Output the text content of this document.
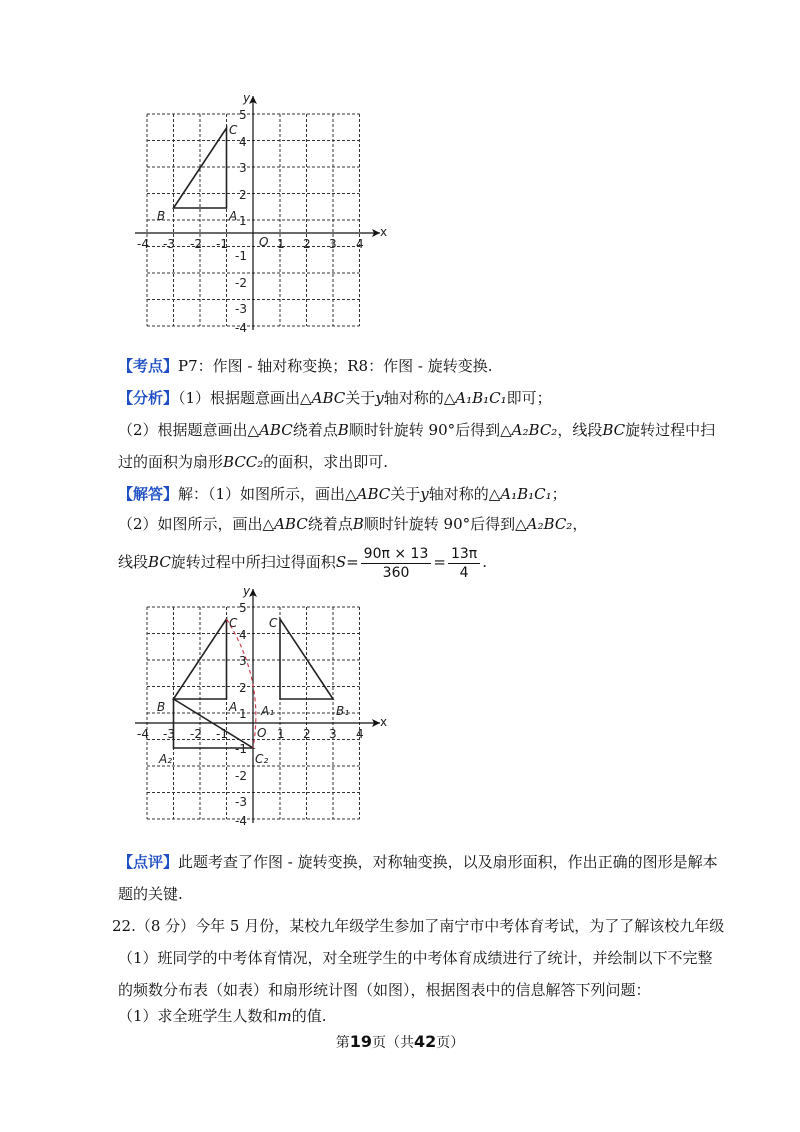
x
y
O
-4 -3 -2 -1	1 2 3 4
5
4
3
2
1
-1
-2
-3
-4
C
B	A
【考点】P7：作图 - 轴对称变换；R8：作图 - 旋转变换.
【分析】（1）根据题意画出△ABC关于y轴对称的△A₁B₁C₁即可；
（2）根据题意画出△ABC绕着点B顺时针旋转 90°后得到△A₂BC₂，线段BC旋转过程中扫
过的面积为扇形BCC₂的面积，求出即可.
【解答】解：（1）如图所示，画出△ABC关于y轴对称的△A₁B₁C₁；
（2）如图所示，画出△ABC绕着点B顺时针旋转 90°后得到△A₂BC₂，
线段BC旋转过程中所扫过得面积$S= \frac{90\pi \times 13}{360} = \frac{13\pi}{4}$ .
x
y
O
-4 -3 -2 -1	1 2 3 4
5
4
3
2
1
-1
-2
-3
-4
C	C
B	A A₁	B₁
A₂	C₂
【点评】此题考查了作图 - 旋转变换，对称轴变换，以及扇形面积，作出正确的图形是解本
题的关键.
22.（8 分）今年 5 月份，某校九年级学生参加了南宁市中考体育考试，为了了解该校九年级
（1）班同学的中考体育情况，对全班学生的中考体育成绩进行了统计，并绘制以下不完整
的频数分布表（如表）和扇形统计图（如图），根据图表中的信息解答下列问题：
（1）求全班学生人数和m的值.
第19页（共42页）
